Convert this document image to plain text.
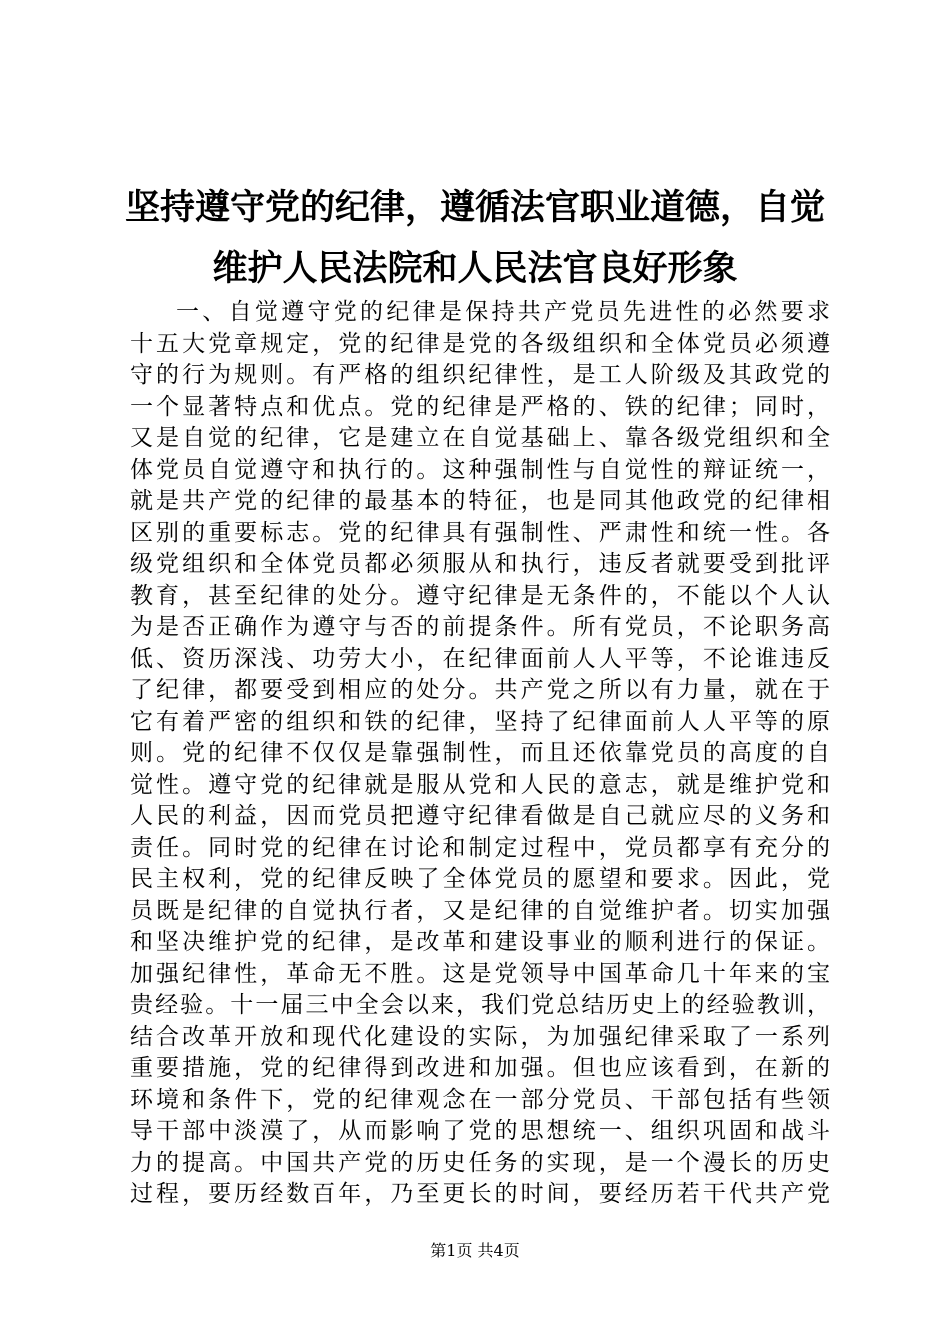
坚持遵守党的纪律，遵循法官职业道德，自觉
维护人民法院和人民法官良好形象
一、自觉遵守党的纪律是保持共产党员先进性的必然要求
十五大党章规定，党的纪律是党的各级组织和全体党员必须遵
守的行为规则。有严格的组织纪律性，是工人阶级及其政党的
一个显著特点和优点。党的纪律是严格的、铁的纪律；同时，
又是自觉的纪律，它是建立在自觉基础上、靠各级党组织和全
体党员自觉遵守和执行的。这种强制性与自觉性的辩证统一，
就是共产党的纪律的最基本的特征，也是同其他政党的纪律相
区别的重要标志。党的纪律具有强制性、严肃性和统一性。各
级党组织和全体党员都必须服从和执行，违反者就要受到批评
教育，甚至纪律的处分。遵守纪律是无条件的，不能以个人认
为是否正确作为遵守与否的前提条件。所有党员，不论职务高
低、资历深浅、功劳大小，在纪律面前人人平等，不论谁违反
了纪律，都要受到相应的处分。共产党之所以有力量，就在于
它有着严密的组织和铁的纪律，坚持了纪律面前人人平等的原
则。党的纪律不仅仅是靠强制性，而且还依靠党员的高度的自
觉性。遵守党的纪律就是服从党和人民的意志，就是维护党和
人民的利益，因而党员把遵守纪律看做是自己就应尽的义务和
责任。同时党的纪律在讨论和制定过程中，党员都享有充分的
民主权利，党的纪律反映了全体党员的愿望和要求。因此，党
员既是纪律的自觉执行者，又是纪律的自觉维护者。切实加强
和坚决维护党的纪律，是改革和建设事业的顺利进行的保证。
加强纪律性，革命无不胜。这是党领导中国革命几十年来的宝
贵经验。十一届三中全会以来，我们党总结历史上的经验教训，
结合改革开放和现代化建设的实际，为加强纪律采取了一系列
重要措施，党的纪律得到改进和加强。但也应该看到，在新的
环境和条件下，党的纪律观念在一部分党员、干部包括有些领
导干部中淡漠了，从而影响了党的思想统一、组织巩固和战斗
力的提高。中国共产党的历史任务的实现，是一个漫长的历史
过程，要历经数百年，乃至更长的时间，要经历若干代共产党
第1页 共4页
